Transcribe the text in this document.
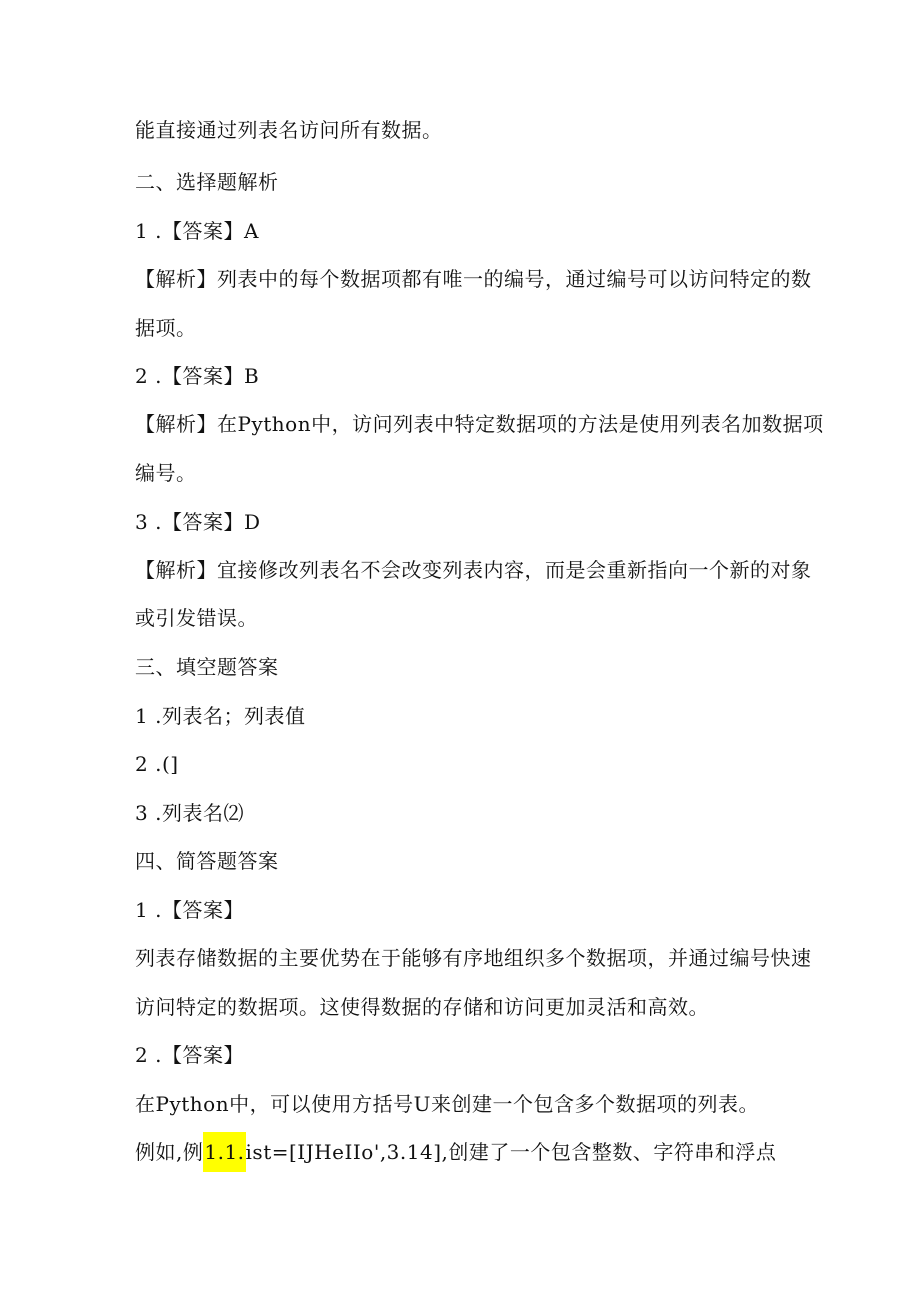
能直接通过列表名访问所有数据。
二、选择题解析
1 .【答案】A
【解析】列表中的每个数据项都有唯一的编号，通过编号可以访问特定的数
据项。
2 .【答案】B
【解析】在Python中，访问列表中特定数据项的方法是使用列表名加数据项
编号。
3 .【答案】D
【解析】宜接修改列表名不会改变列表内容，而是会重新指向一个新的对象
或引发错误。
三、填空题答案
1 .列表名；列表值
2 .(]
3 .列表名⑵
四、简答题答案
1 .【答案】
列表存储数据的主要优势在于能够有序地组织多个数据项，并通过编号快速
访问特定的数据项。这使得数据的存储和访问更加灵活和高效。
2 .【答案】
在Python中，可以使用方括号U来创建一个包含多个数据项的列表。
例如,例1.1.ist=[IJHeIIo',3.14],创建了一个包含整数、字符串和浮点
